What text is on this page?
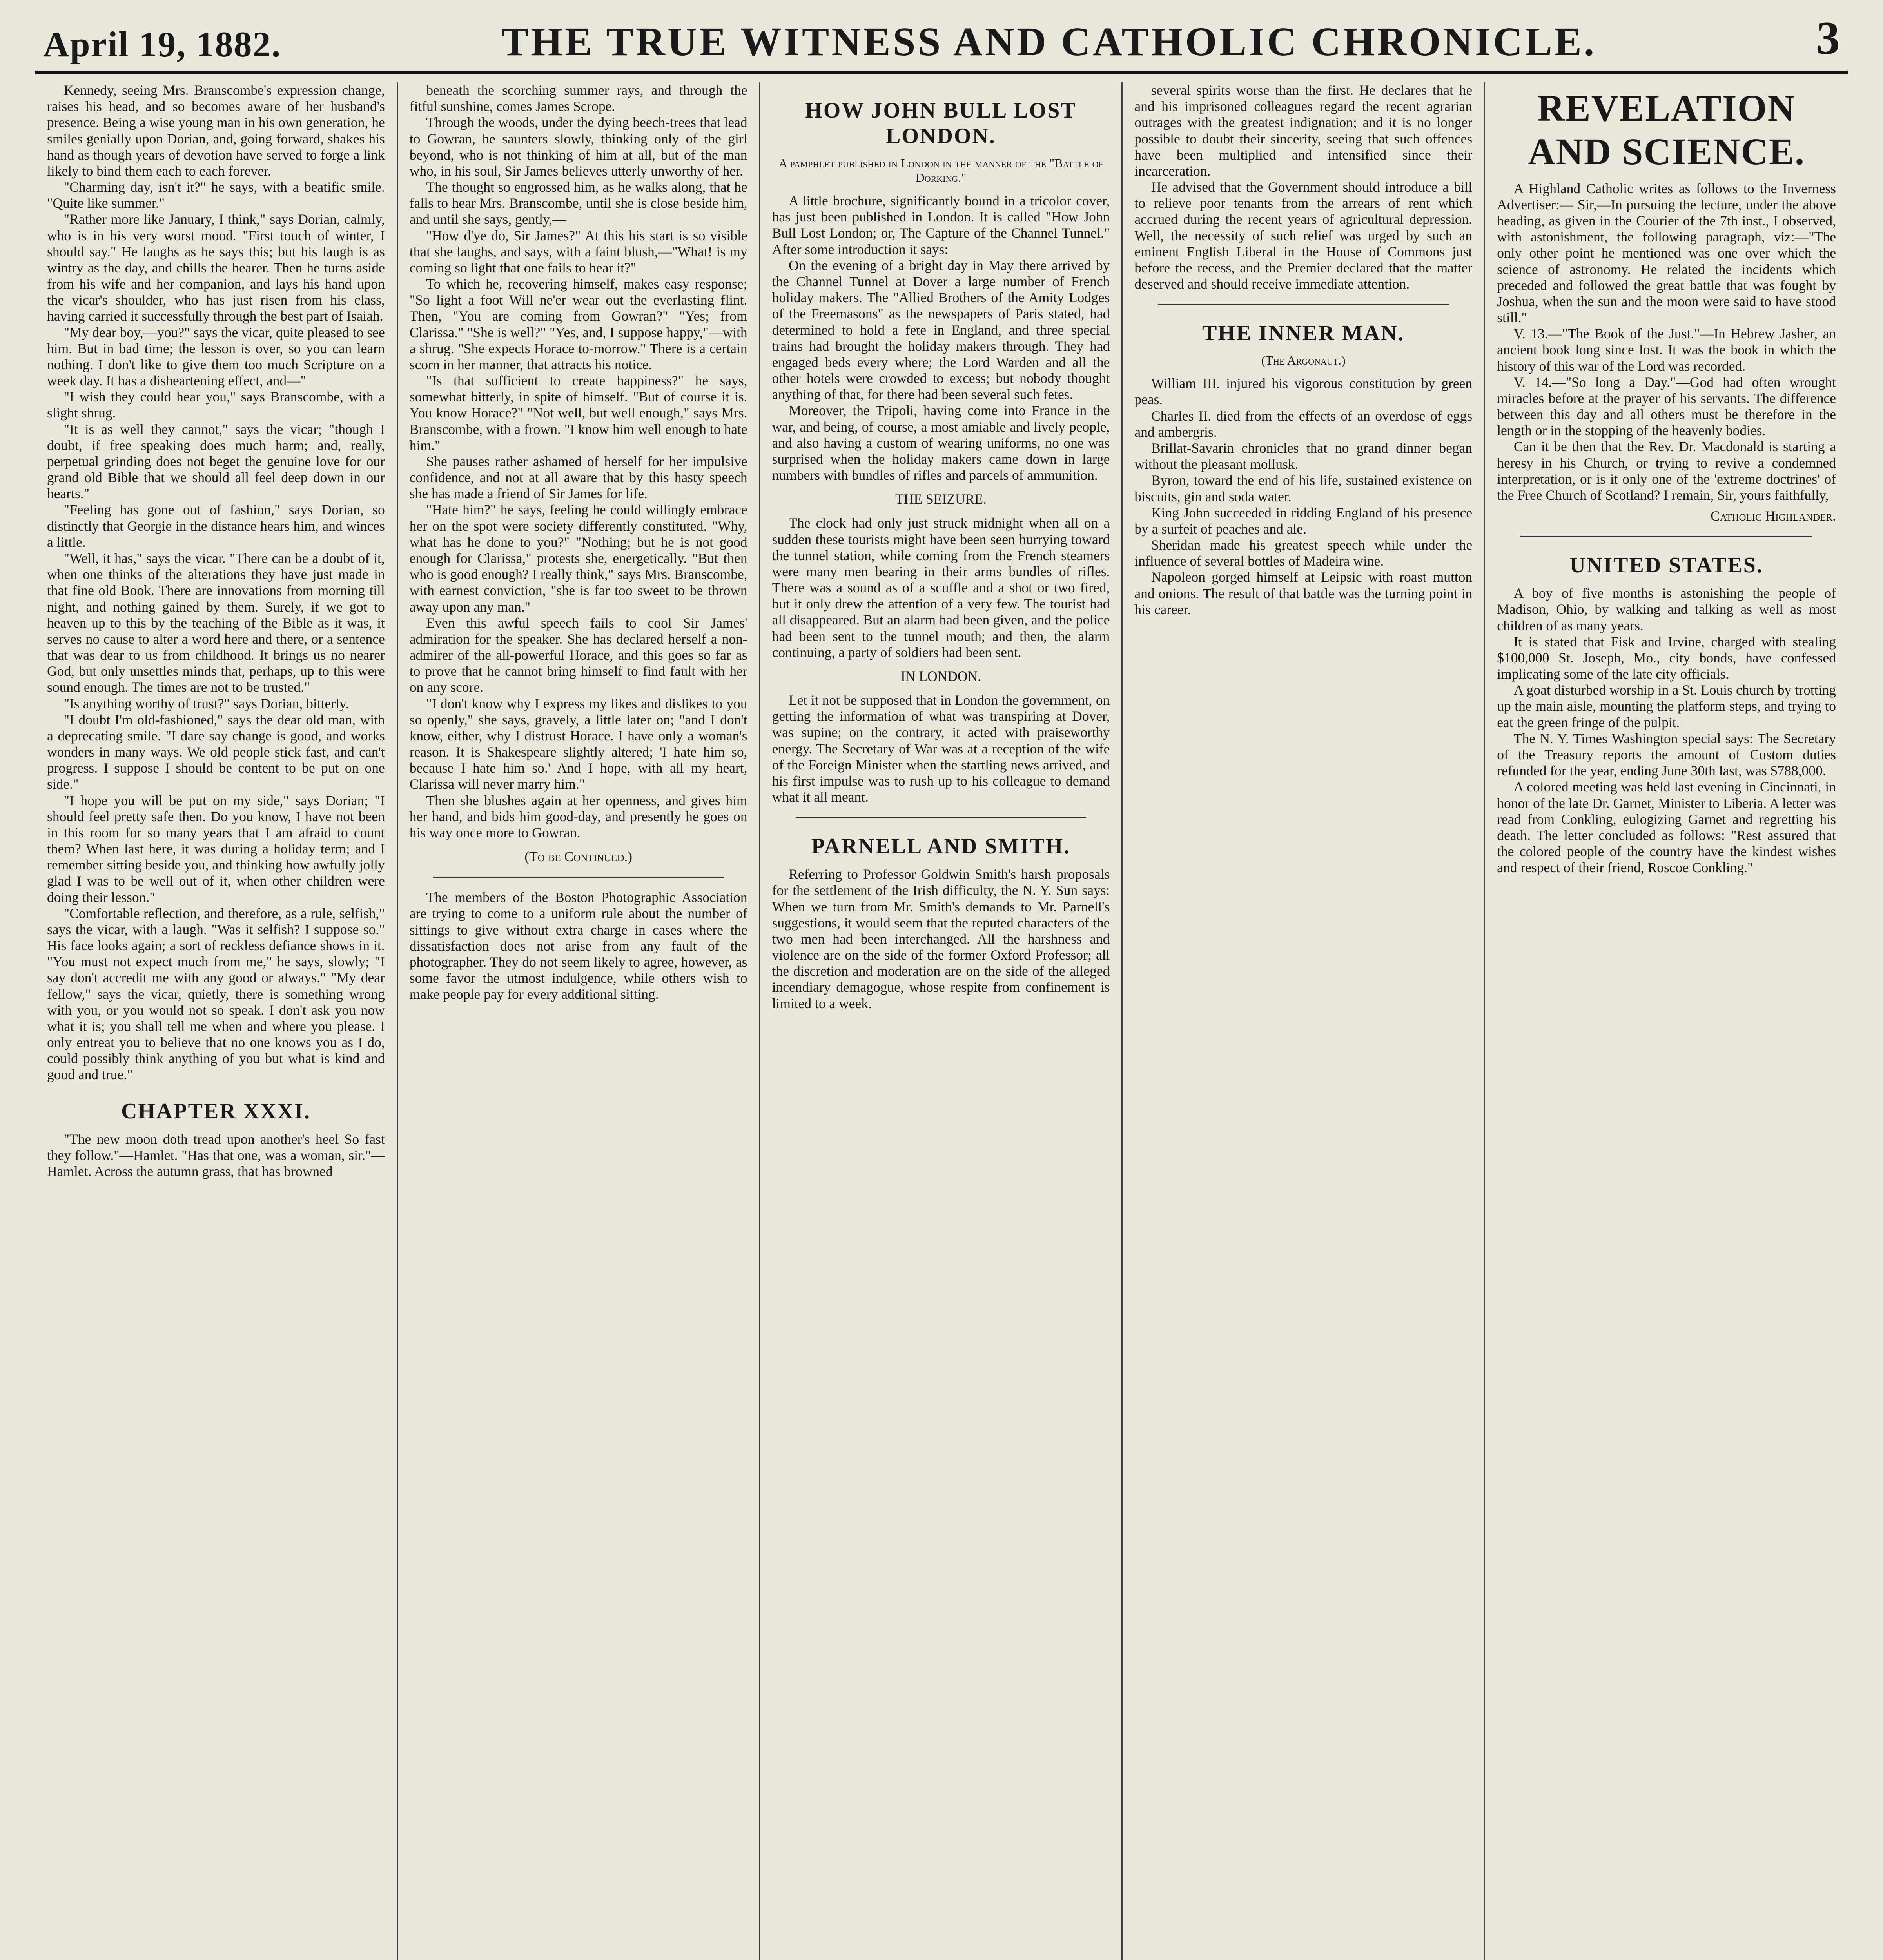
April 19, 1882.	THE TRUE WITNESS AND CATHOLIC CHRONICLE.	3

Kennedy, seeing Mrs. Branscombe's expression change, raises his head, and so becomes aware of her husband's presence. Being a wise young man in his own generation, he smiles genially upon Dorian, and, going forward, shakes his hand as though years of devotion have served to forge a link likely to bind them each to each forever.

"Charming day, isn't it?" he says, with a beatific smile. "Quite like summer."

"Rather more like January, I think," says Dorian, calmly, who is in his very worst mood. "First touch of winter, I should say." He laughs as he says this; but his laugh is as wintry as the day, and chills the hearer. Then he turns aside from his wife and her companion, and lays his hand upon the vicar's shoulder, who has just risen from his class, having carried it successfully through the best part of Isaiah.

"My dear boy,—you?" says the vicar, quite pleased to see him. But in bad time; the lesson is over, so you can learn nothing. I don't like to give them too much Scripture on a week day. It has a disheartening effect, and—"

"I wish they could hear you," says Branscombe, with a slight shrug.

"It is as well they cannot," says the vicar; "though I doubt, if free speaking does much harm; and, really, perpetual grinding does not beget the genuine love for our grand old Bible that we should all feel deep down in our hearts."

"Feeling has gone out of fashion," says Dorian, so distinctly that Georgie in the distance hears him, and winces a little.

"Well, it has," says the vicar. "There can be a doubt of it, when one thinks of the alterations they have just made in that fine old Book. There are innovations from morning till night, and nothing gained by them. Surely, if we got to heaven up to this by the teaching of the Bible as it was, it serves no cause to alter a word here and there, or a sentence that was dear to us from childhood. It brings us no nearer God, but only unsettles minds that, perhaps, up to this were sound enough. The times are not to be trusted."

"Is anything worthy of trust?" says Dorian, bitterly.

"I doubt I'm old-fashioned," says the dear old man, with a deprecating smile. "I dare say change is good, and works wonders in many ways. We old people stick fast, and can't progress. I suppose I should be content to be put on one side."

"I hope you will be put on my side," says Dorian; "I should feel pretty safe then. Do you know, I have not been in this room for so many years that I am afraid to count them? When last here, it was during a holiday term; and I remember sitting beside you, and thinking how awfully jolly glad I was to be well out of it, when other children were doing their lesson."

"Comfortable reflection, and therefore, as a rule, selfish," says the vicar, with a laugh. "Was it selfish? I suppose so." His face looks again; a sort of reckless defiance shows in it. "You must not expect much from me," he says, slowly; "I say don't accredit me with any good or always." "My dear fellow," says the vicar, quietly, there is something wrong with you, or you would not so speak. I don't ask you now what it is; you shall tell me when and where you please. I only entreat you to believe that no one knows you as I do, could possibly think anything of you but what is kind and good and true."

CHAPTER XXXI.

"The new moon doth tread upon another's heel So fast they follow."—Hamlet. "Has that one, was a woman, sir."—Hamlet. Across the autumn grass, that has browned

beneath the scorching summer rays, and through the fitful sunshine, comes James Scrope.

Through the woods, under the dying beech-trees that lead to Gowran, he saunters slowly, thinking only of the girl beyond, who is not thinking of him at all, but of the man who, in his soul, Sir James believes utterly unworthy of her.

The thought so engrossed him, as he walks along, that he falls to hear Mrs. Branscombe, until she is close beside him, and until she says, gently,—

"How d'ye do, Sir James?" At this his start is so visible that she laughs, and says, with a faint blush,—"What! is my coming so light that one fails to hear it?"

To which he, recovering himself, makes easy response; "So light a foot Will ne'er wear out the everlasting flint. Then, "You are coming from Gowran?" "Yes; from Clarissa." "She is well?" "Yes, and, I suppose happy,"—with a shrug. "She expects Horace to-morrow." There is a certain scorn in her manner, that attracts his notice.

"Is that sufficient to create happiness?" he says, somewhat bitterly, in spite of himself. "But of course it is. You know Horace?" "Not well, but well enough," says Mrs. Branscombe, with a frown. "I know him well enough to hate him."

She pauses rather ashamed of herself for her impulsive confidence, and not at all aware that by this hasty speech she has made a friend of Sir James for life.

"Hate him?" he says, feeling he could willingly embrace her on the spot were society differently constituted. "Why, what has he done to you?" "Nothing; but he is not good enough for Clarissa," protests she, energetically. "But then who is good enough? I really think," says Mrs. Branscombe, with earnest conviction, "she is far too sweet to be thrown away upon any man."

Even this awful speech fails to cool Sir James' admiration for the speaker. She has declared herself a non-admirer of the all-powerful Horace, and this goes so far as to prove that he cannot bring himself to find fault with her on any score.

"I don't know why I express my likes and dislikes to you so openly," she says, gravely, a little later on; "and I don't know, either, why I distrust Horace. I have only a woman's reason. It is Shakespeare slightly altered; 'I hate him so, because I hate him so.' And I hope, with all my heart, Clarissa will never marry him."

Then she blushes again at her openness, and gives him her hand, and bids him good-day, and presently he goes on his way once more to Gowran.

(To be Continued.)

The members of the Boston Photographic Association are trying to come to a uniform rule about the number of sittings to give without extra charge in cases where the dissatisfaction does not arise from any fault of the photographer. They do not seem likely to agree, however, as some favor the utmost indulgence, while others wish to make people pay for every additional sitting.

HOW JOHN BULL LOST LONDON.
A pamphlet published in London in the manner of the "Battle of Dorking."

A little brochure, significantly bound in a tricolor cover, has just been published in London. It is called "How John Bull Lost London; or, The Capture of the Channel Tunnel." After some introduction it says:

On the evening of a bright day in May there arrived by the Channel Tunnel at Dover a large number of French holiday makers. The "Allied Brothers of the Amity Lodges of the Freemasons" as the newspapers of Paris stated, had determined to hold a fete in England, and three special trains had brought the holiday makers through. They had engaged beds every where; the Lord Warden and all the other hotels were crowded to excess; but nobody thought anything of that, for there had been several such fetes.

Moreover, the Tripoli, having come into France in the war, and being, of course, a most amiable and lively people, and also having a custom of wearing uniforms, no one was surprised when the holiday makers came down in large numbers with bundles of rifles and parcels of ammunition.

THE SEIZURE.

The clock had only just struck midnight when all on a sudden these tourists might have been seen hurrying toward the tunnel station, while coming from the French steamers were many men bearing in their arms bundles of rifles. There was a sound as of a scuffle and a shot or two fired, but it only drew the attention of a very few. The tourist had all disappeared. But an alarm had been given, and the police had been sent to the tunnel mouth; and then, the alarm continuing, a party of soldiers had been sent.

IN LONDON.

Let it not be supposed that in London the government, on getting the information of what was transpiring at Dover, was supine; on the contrary, it acted with praiseworthy energy. The Secretary of War was at a reception of the wife of the Foreign Minister when the startling news arrived, and his first impulse was to rush up to his colleague to demand what it all meant.

PARNELL AND SMITH.

Referring to Professor Goldwin Smith's harsh proposals for the settlement of the Irish difficulty, the N. Y. Sun says: When we turn from Mr. Smith's demands to Mr. Parnell's suggestions, it would seem that the reputed characters of the two men had been interchanged. All the harshness and violence are on the side of the former Oxford Professor; all the discretion and moderation are on the side of the alleged incendiary demagogue, whose respite from confinement is limited to a week.

several spirits worse than the first. He declares that he and his imprisoned colleagues regard the recent agrarian outrages with the greatest indignation; and it is no longer possible to doubt their sincerity, seeing that such offences have been multiplied and intensified since their incarceration.

He advised that the Government should introduce a bill to relieve poor tenants from the arrears of rent which accrued during the recent years of agricultural depression. Well, the necessity of such relief was urged by such an eminent English Liberal in the House of Commons just before the recess, and the Premier declared that the matter deserved and should receive immediate attention.

THE INNER MAN.
(The Argonaut.)

William III. injured his vigorous constitution by green peas.

Charles II. died from the effects of an overdose of eggs and ambergris.

Brillat-Savarin chronicles that no grand dinner began without the pleasant mollusk.

Byron, toward the end of his life, sustained existence on biscuits, gin and soda water.

King John succeeded in ridding England of his presence by a surfeit of peaches and ale.

Sheridan made his greatest speech while under the influence of several bottles of Madeira wine.

Napoleon gorged himself at Leipsic with roast mutton and onions. The result of that battle was the turning point in his career.

REVELATION AND SCIENCE.

A Highland Catholic writes as follows to the Inverness Advertiser:— Sir,—In pursuing the lecture, under the above heading, as given in the Courier of the 7th inst., I observed, with astonishment, the following paragraph, viz:—"The only other point he mentioned was one over which the science of astronomy. He related the incidents which preceded and followed the great battle that was fought by Joshua, when the sun and the moon were said to have stood still."

V. 13.—"The Book of the Just."—In Hebrew Jasher, an ancient book long since lost. It was the book in which the history of this war of the Lord was recorded.

V. 14.—"So long a Day."—God had often wrought miracles before at the prayer of his servants. The difference between this day and all others must be therefore in the length or in the stopping of the heavenly bodies.

Can it be then that the Rev. Dr. Macdonald is starting a heresy in his Church, or trying to revive a condemned interpretation, or is it only one of the 'extreme doctrines' of the Free Church of Scotland? I remain, Sir, yours faithfully,

Catholic Highlander.
UNITED STATES.

A boy of five months is astonishing the people of Madison, Ohio, by walking and talking as well as most children of as many years.

It is stated that Fisk and Irvine, charged with stealing $100,000 St. Joseph, Mo., city bonds, have confessed implicating some of the late city officials.

A goat disturbed worship in a St. Louis church by trotting up the main aisle, mounting the platform steps, and trying to eat the green fringe of the pulpit.

The N. Y. Times Washington special says: The Secretary of the Treasury reports the amount of Custom duties refunded for the year, ending June 30th last, was $788,000.

A colored meeting was held last evening in Cincinnati, in honor of the late Dr. Garnet, Minister to Liberia. A letter was read from Conkling, eulogizing Garnet and regretting his death. The letter concluded as follows: "Rest assured that the colored people of the country have the kindest wishes and respect of their friend, Roscoe Conkling."
